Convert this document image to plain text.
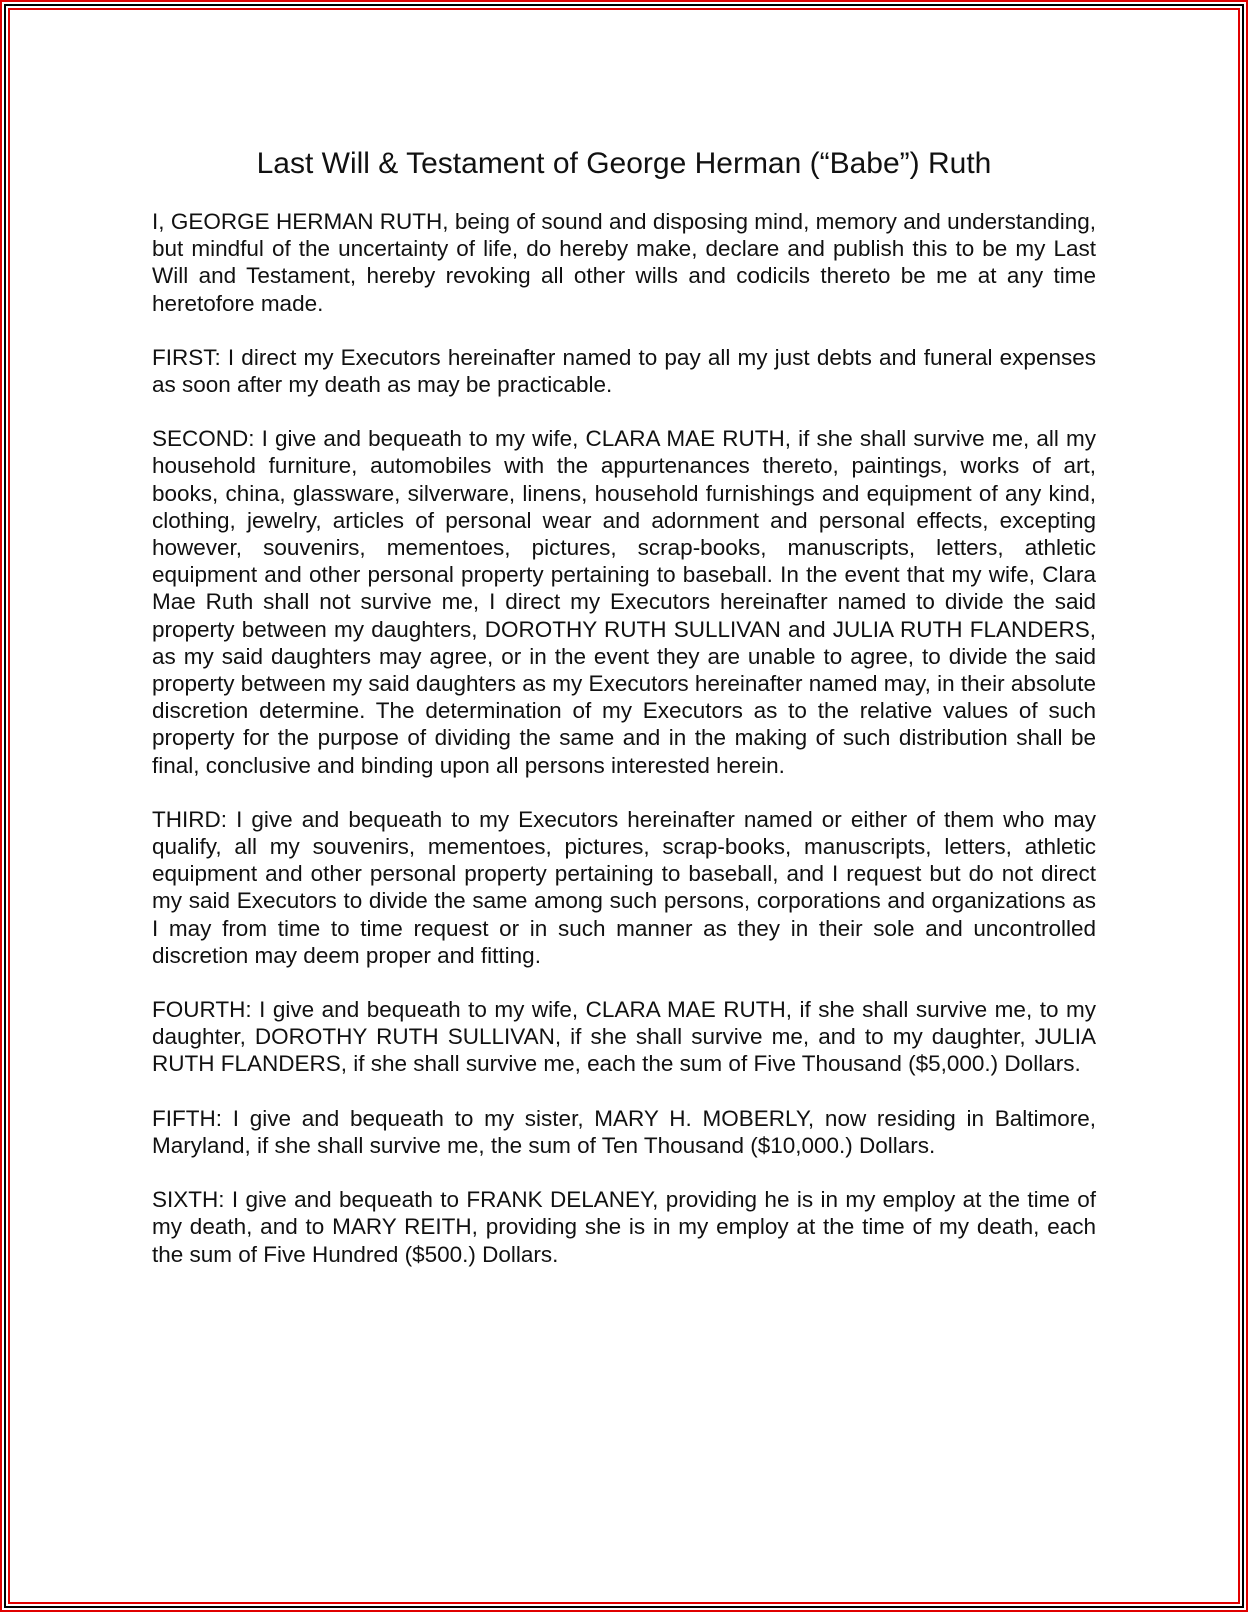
Last Will & Testament of George Herman (“Babe”) Ruth

I, GEORGE HERMAN RUTH, being of sound and disposing mind, memory and understanding, but mindful of the uncertainty of life, do hereby make, declare and publish this to be my Last Will and Testament, hereby revoking all other wills and codicils thereto be me at any time heretofore made.

FIRST: I direct my Executors hereinafter named to pay all my just debts and funeral expenses as soon after my death as may be practicable.

SECOND: I give and bequeath to my wife, CLARA MAE RUTH, if she shall survive me, all my household furniture, automobiles with the appurtenances thereto, paintings, works of art, books, china, glassware, silverware, linens, household furnishings and equipment of any kind, clothing, jewelry, articles of personal wear and adornment and personal effects, excepting however, souvenirs, mementoes, pictures, scrap-books, manuscripts, letters, athletic equipment and other personal property pertaining to baseball. In the event that my wife, Clara Mae Ruth shall not survive me, I direct my Executors hereinafter named to divide the said property between my daughters, DOROTHY RUTH SULLIVAN and JULIA RUTH FLANDERS, as my said daughters may agree, or in the event they are unable to agree, to divide the said property between my said daughters as my Executors hereinafter named may, in their absolute discretion determine. The determination of my Executors as to the relative values of such property for the purpose of dividing the same and in the making of such distribution shall be final, conclusive and binding upon all persons interested herein.

THIRD: I give and bequeath to my Executors hereinafter named or either of them who may qualify, all my souvenirs, mementoes, pictures, scrap-books, manuscripts, letters, athletic equipment and other personal property pertaining to baseball, and I request but do not direct my said Executors to divide the same among such persons, corporations and organizations as I may from time to time request or in such manner as they in their sole and uncontrolled discretion may deem proper and fitting.

FOURTH: I give and bequeath to my wife, CLARA MAE RUTH, if she shall survive me, to my daughter, DOROTHY RUTH SULLIVAN, if she shall survive me, and to my daughter, JULIA RUTH FLANDERS, if she shall survive me, each the sum of Five Thousand ($5,000.) Dollars.

FIFTH: I give and bequeath to my sister, MARY H. MOBERLY, now residing in Baltimore, Maryland, if she shall survive me, the sum of Ten Thousand ($10,000.) Dollars.

SIXTH: I give and bequeath to FRANK DELANEY, providing he is in my employ at the time of my death, and to MARY REITH, providing she is in my employ at the time of my death, each the sum of Five Hundred ($500.) Dollars.
